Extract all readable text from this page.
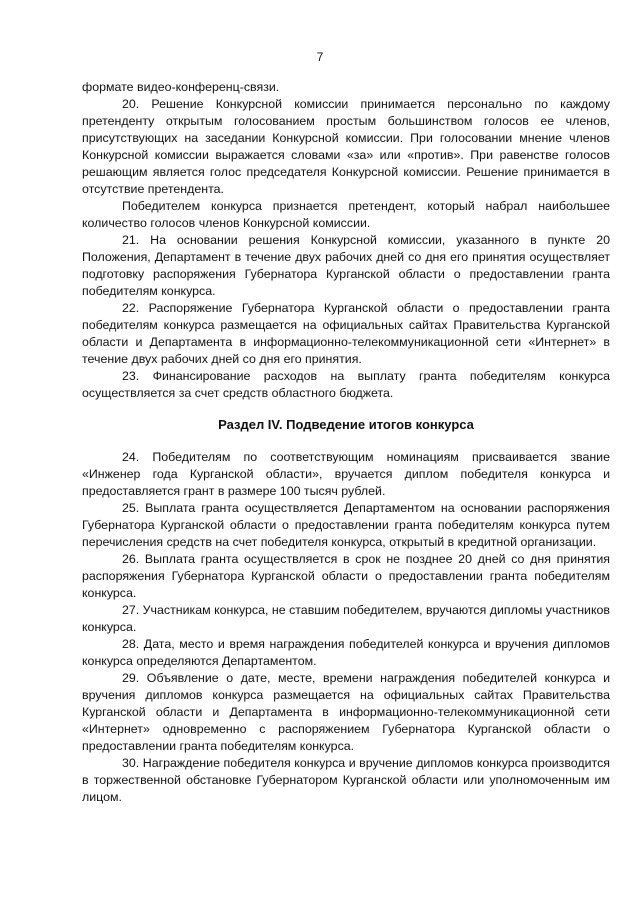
7

формате видео-конференц-связи.

20. Решение Конкурсной комиссии принимается персонально по каждому претенденту открытым голосованием простым большинством голосов ее членов, присутствующих на заседании Конкурсной комиссии. При голосовании мнение членов Конкурсной комиссии выражается словами «за» или «против». При равенстве голосов решающим является голос председателя Конкурсной комиссии. Решение принимается в отсутствие претендента.

Победителем конкурса признается претендент, который набрал наибольшее количество голосов членов Конкурсной комиссии.

21. На основании решения Конкурсной комиссии, указанного в пункте 20 Положения, Департамент в течение двух рабочих дней со дня его принятия осуществляет подготовку распоряжения Губернатора Курганской области о предоставлении гранта победителям конкурса.

22. Распоряжение Губернатора Курганской области о предоставлении гранта победителям конкурса размещается на официальных сайтах Правительства Курганской области и Департамента в информационно-телекоммуникационной сети «Интернет» в течение двух рабочих дней со дня его принятия.

23. Финансирование расходов на выплату гранта победителям конкурса осуществляется за счет средств областного бюджета.

Раздел IV. Подведение итогов конкурса

24. Победителям по соответствующим номинациям присваивается звание «Инженер года Курганской области», вручается диплом победителя конкурса и предоставляется грант в размере 100 тысяч рублей.

25. Выплата гранта осуществляется Департаментом на основании распоряжения Губернатора Курганской области о предоставлении гранта победителям конкурса путем перечисления средств на счет победителя конкурса, открытый в кредитной организации.

26. Выплата гранта осуществляется в срок не позднее 20 дней со дня принятия распоряжения Губернатора Курганской области о предоставлении гранта победителям конкурса.

27. Участникам конкурса, не ставшим победителем, вручаются дипломы участников конкурса.

28. Дата, место и время награждения победителей конкурса и вручения дипломов конкурса определяются Департаментом.

29. Объявление о дате, месте, времени награждения победителей конкурса и вручения дипломов конкурса размещается на официальных сайтах Правительства Курганской области и Департамента в информационно-телекоммуникационной сети «Интернет» одновременно с распоряжением Губернатора Курганской области о предоставлении гранта победителям конкурса.

30. Награждение победителя конкурса и вручение дипломов конкурса производится в торжественной обстановке Губернатором Курганской области или уполномоченным им лицом.
